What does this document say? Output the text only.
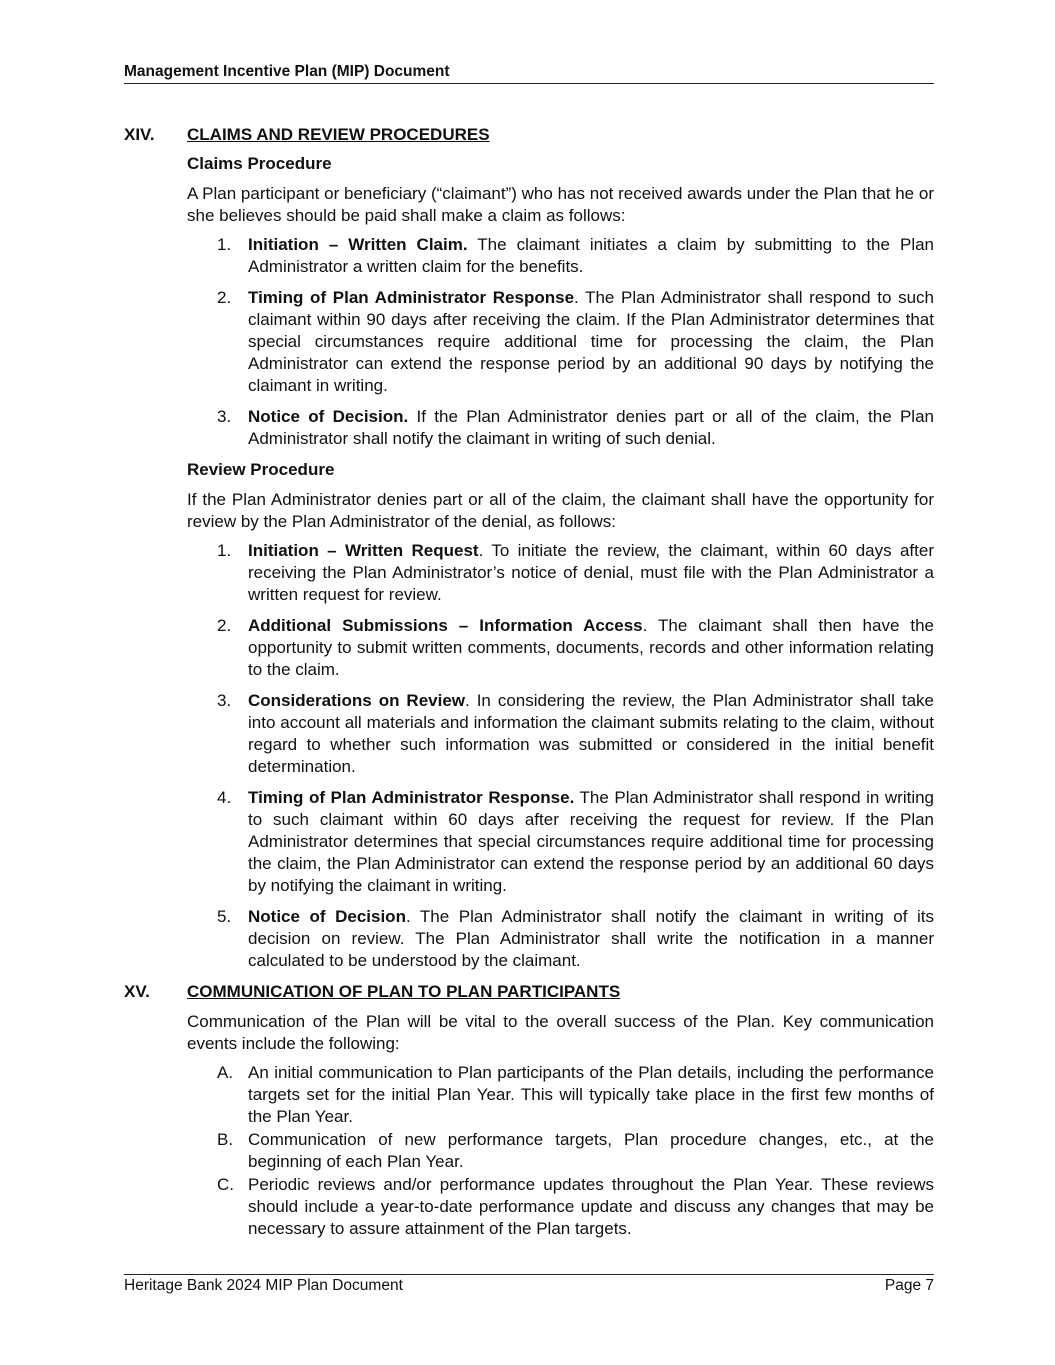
Management Incentive Plan (MIP) Document
XIV. CLAIMS AND REVIEW PROCEDURES
Claims Procedure
A Plan participant or beneficiary (“claimant”) who has not received awards under the Plan that he or she believes should be paid shall make a claim as follows:
1. Initiation – Written Claim. The claimant initiates a claim by submitting to the Plan Administrator a written claim for the benefits.
2. Timing of Plan Administrator Response. The Plan Administrator shall respond to such claimant within 90 days after receiving the claim. If the Plan Administrator determines that special circumstances require additional time for processing the claim, the Plan Administrator can extend the response period by an additional 90 days by notifying the claimant in writing.
3. Notice of Decision. If the Plan Administrator denies part or all of the claim, the Plan Administrator shall notify the claimant in writing of such denial.
Review Procedure
If the Plan Administrator denies part or all of the claim, the claimant shall have the opportunity for review by the Plan Administrator of the denial, as follows:
1. Initiation – Written Request. To initiate the review, the claimant, within 60 days after receiving the Plan Administrator’s notice of denial, must file with the Plan Administrator a written request for review.
2. Additional Submissions – Information Access. The claimant shall then have the opportunity to submit written comments, documents, records and other information relating to the claim.
3. Considerations on Review. In considering the review, the Plan Administrator shall take into account all materials and information the claimant submits relating to the claim, without regard to whether such information was submitted or considered in the initial benefit determination.
4. Timing of Plan Administrator Response. The Plan Administrator shall respond in writing to such claimant within 60 days after receiving the request for review. If the Plan Administrator determines that special circumstances require additional time for processing the claim, the Plan Administrator can extend the response period by an additional 60 days by notifying the claimant in writing.
5. Notice of Decision. The Plan Administrator shall notify the claimant in writing of its decision on review. The Plan Administrator shall write the notification in a manner calculated to be understood by the claimant.
XV. COMMUNICATION OF PLAN TO PLAN PARTICIPANTS
Communication of the Plan will be vital to the overall success of the Plan. Key communication events include the following:
A. An initial communication to Plan participants of the Plan details, including the performance targets set for the initial Plan Year. This will typically take place in the first few months of the Plan Year.
B. Communication of new performance targets, Plan procedure changes, etc., at the beginning of each Plan Year.
C. Periodic reviews and/or performance updates throughout the Plan Year. These reviews should include a year-to-date performance update and discuss any changes that may be necessary to assure attainment of the Plan targets.
Heritage Bank 2024 MIP Plan Document	Page 7
